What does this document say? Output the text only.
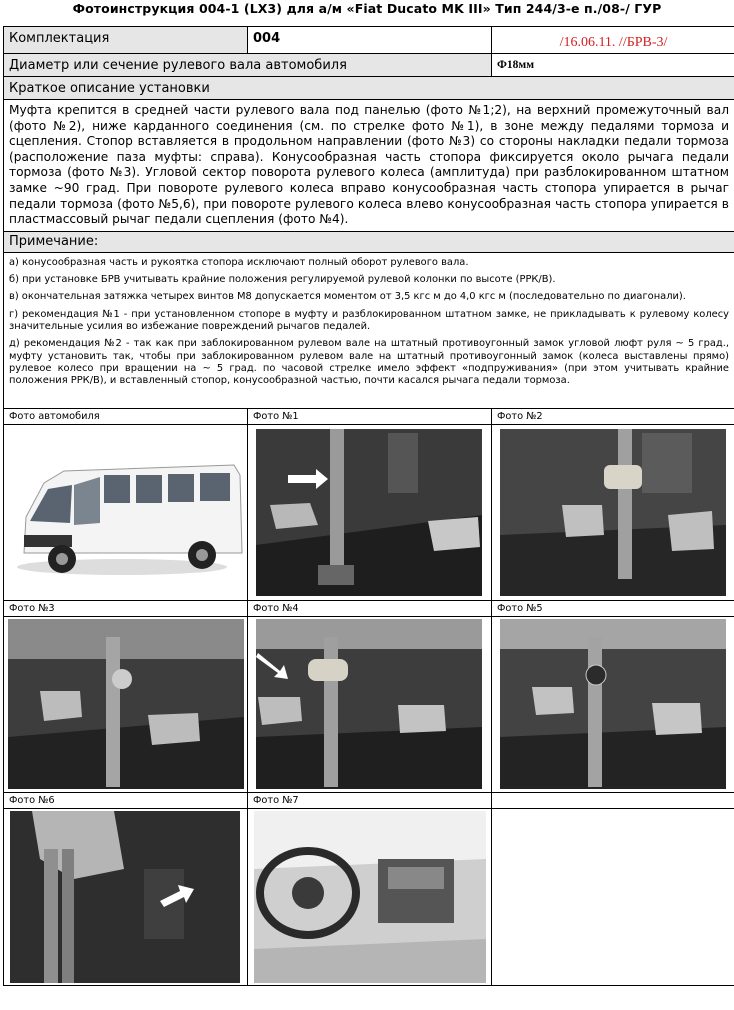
Фотоинструкция 004-1 (LX3) для а/м «Fiat Ducato MK III» Тип 244/3-е п./08-/ ГУР
Комплектация	004	/16.06.11. //БРВ-3/
Диаметр или сечение рулевого вала автомобиля		Ф18мм
Краткое описание установки		
Муфта крепится в средней части рулевого вала под панелью (фото №1;2), на верхний промежуточный вал (фото №2), ниже карданного соединения (см. по стрелке фото №1), в зоне между педалями тормоза и сцепления. Стопор вставляется в продольном направлении (фото №3) со стороны накладки педали тормоза (расположение паза муфты: справа). Конусообразная часть стопора фиксируется около рычага педали тормоза (фото №3). Угловой сектор поворота рулевого колеса (амплитуда) при разблокированном штатном замке ~90 град. При повороте рулевого колеса вправо конусообразная часть стопора упирается в рычаг педали тормоза (фото №5,6), при повороте рулевого колеса влево конусообразная часть стопора упирается в пластмассовый рычаг педали сцепления (фото №4).		
Примечание:		

а) конусообразная часть и рукоятка стопора исключают полный оборот рулевого вала.

б) при установке БРВ учитывать крайние положения регулируемой рулевой колонки по высоте (РРК/В).

в) окончательная затяжка четырех винтов М8 допускается моментом от 3,5 кгс м до 4,0 кгс м (последовательно по диагонали).

г) рекомендация №1 - при установленном стопоре в муфту и разблокированном штатном замке, не прикладывать к рулевому колесу значительные усилия во избежание повреждений рычагов педалей.

д) рекомендация №2 - так как при заблокированном рулевом вале на штатный противоугонный замок угловой люфт руля ~ 5 град., муфту установить так, чтобы при заблокированном рулевом вале на штатный противоугонный замок (колеса выставлены прямо) рулевое колесо при вращении на ~ 5 град. по часовой стрелке имело эффект «подпруживания» (при этом учитывать крайние положения РРК/В), и вставленный стопор, конусообразной частью, почти касался рычага педали тормоза.		

Фото автомобиля	Фото №1	Фото №2

Фото №3	Фото №4	Фото №5

Фото №6	Фото №7	
